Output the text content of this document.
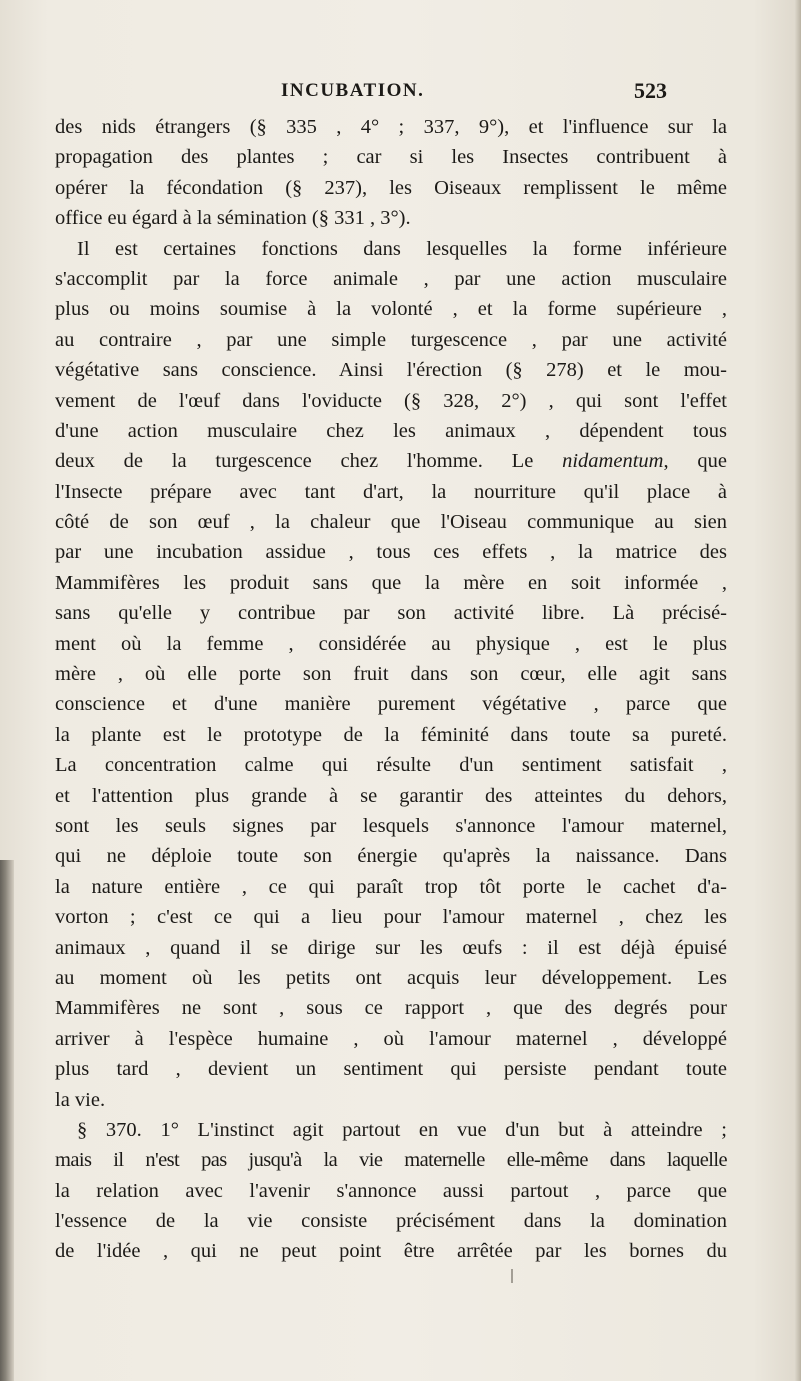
INCUBATION.	523
des nids étrangers (§ 335 , 4° ; 337, 9°), et l'influence sur la
propagation des plantes ; car si les Insectes contribuent à
opérer la fécondation (§ 237), les Oiseaux remplissent le même
office eu égard à la sémination (§ 331 , 3°).
Il est certaines fonctions dans lesquelles la forme inférieure
s'accomplit par la force animale , par une action musculaire
plus ou moins soumise à la volonté , et la forme supérieure ,
au contraire , par une simple turgescence , par une activité
végétative sans conscience. Ainsi l'érection (§ 278) et le mou-
vement de l'œuf dans l'oviducte (§ 328, 2°) , qui sont l'effet
d'une action musculaire chez les animaux , dépendent tous
deux de la turgescence chez l'homme. Le nidamentum, que
l'Insecte prépare avec tant d'art, la nourriture qu'il place à
côté de son œuf , la chaleur que l'Oiseau communique au sien
par une incubation assidue , tous ces effets , la matrice des
Mammifères les produit sans que la mère en soit informée ,
sans qu'elle y contribue par son activité libre. Là précisé-
ment où la femme , considérée au physique , est le plus
mère , où elle porte son fruit dans son cœur, elle agit sans
conscience et d'une manière purement végétative , parce que
la plante est le prototype de la féminité dans toute sa pureté.
La concentration calme qui résulte d'un sentiment satisfait ,
et l'attention plus grande à se garantir des atteintes du dehors,
sont les seuls signes par lesquels s'annonce l'amour maternel,
qui ne déploie toute son énergie qu'après la naissance. Dans
la nature entière , ce qui paraît trop tôt porte le cachet d'a-
vorton ; c'est ce qui a lieu pour l'amour maternel , chez les
animaux , quand il se dirige sur les œufs : il est déjà épuisé
au moment où les petits ont acquis leur développement. Les
Mammifères ne sont , sous ce rapport , que des degrés pour
arriver à l'espèce humaine , où l'amour maternel , développé
plus tard , devient un sentiment qui persiste pendant toute
la vie.
§ 370. 1° L'instinct agit partout en vue d'un but à atteindre ;
mais il n'est pas jusqu'à la vie maternelle elle-même dans laquelle
la relation avec l'avenir s'annonce aussi partout , parce que
l'essence de la vie consiste précisément dans la domination
de l'idée , qui ne peut point être arrêtée par les bornes du
